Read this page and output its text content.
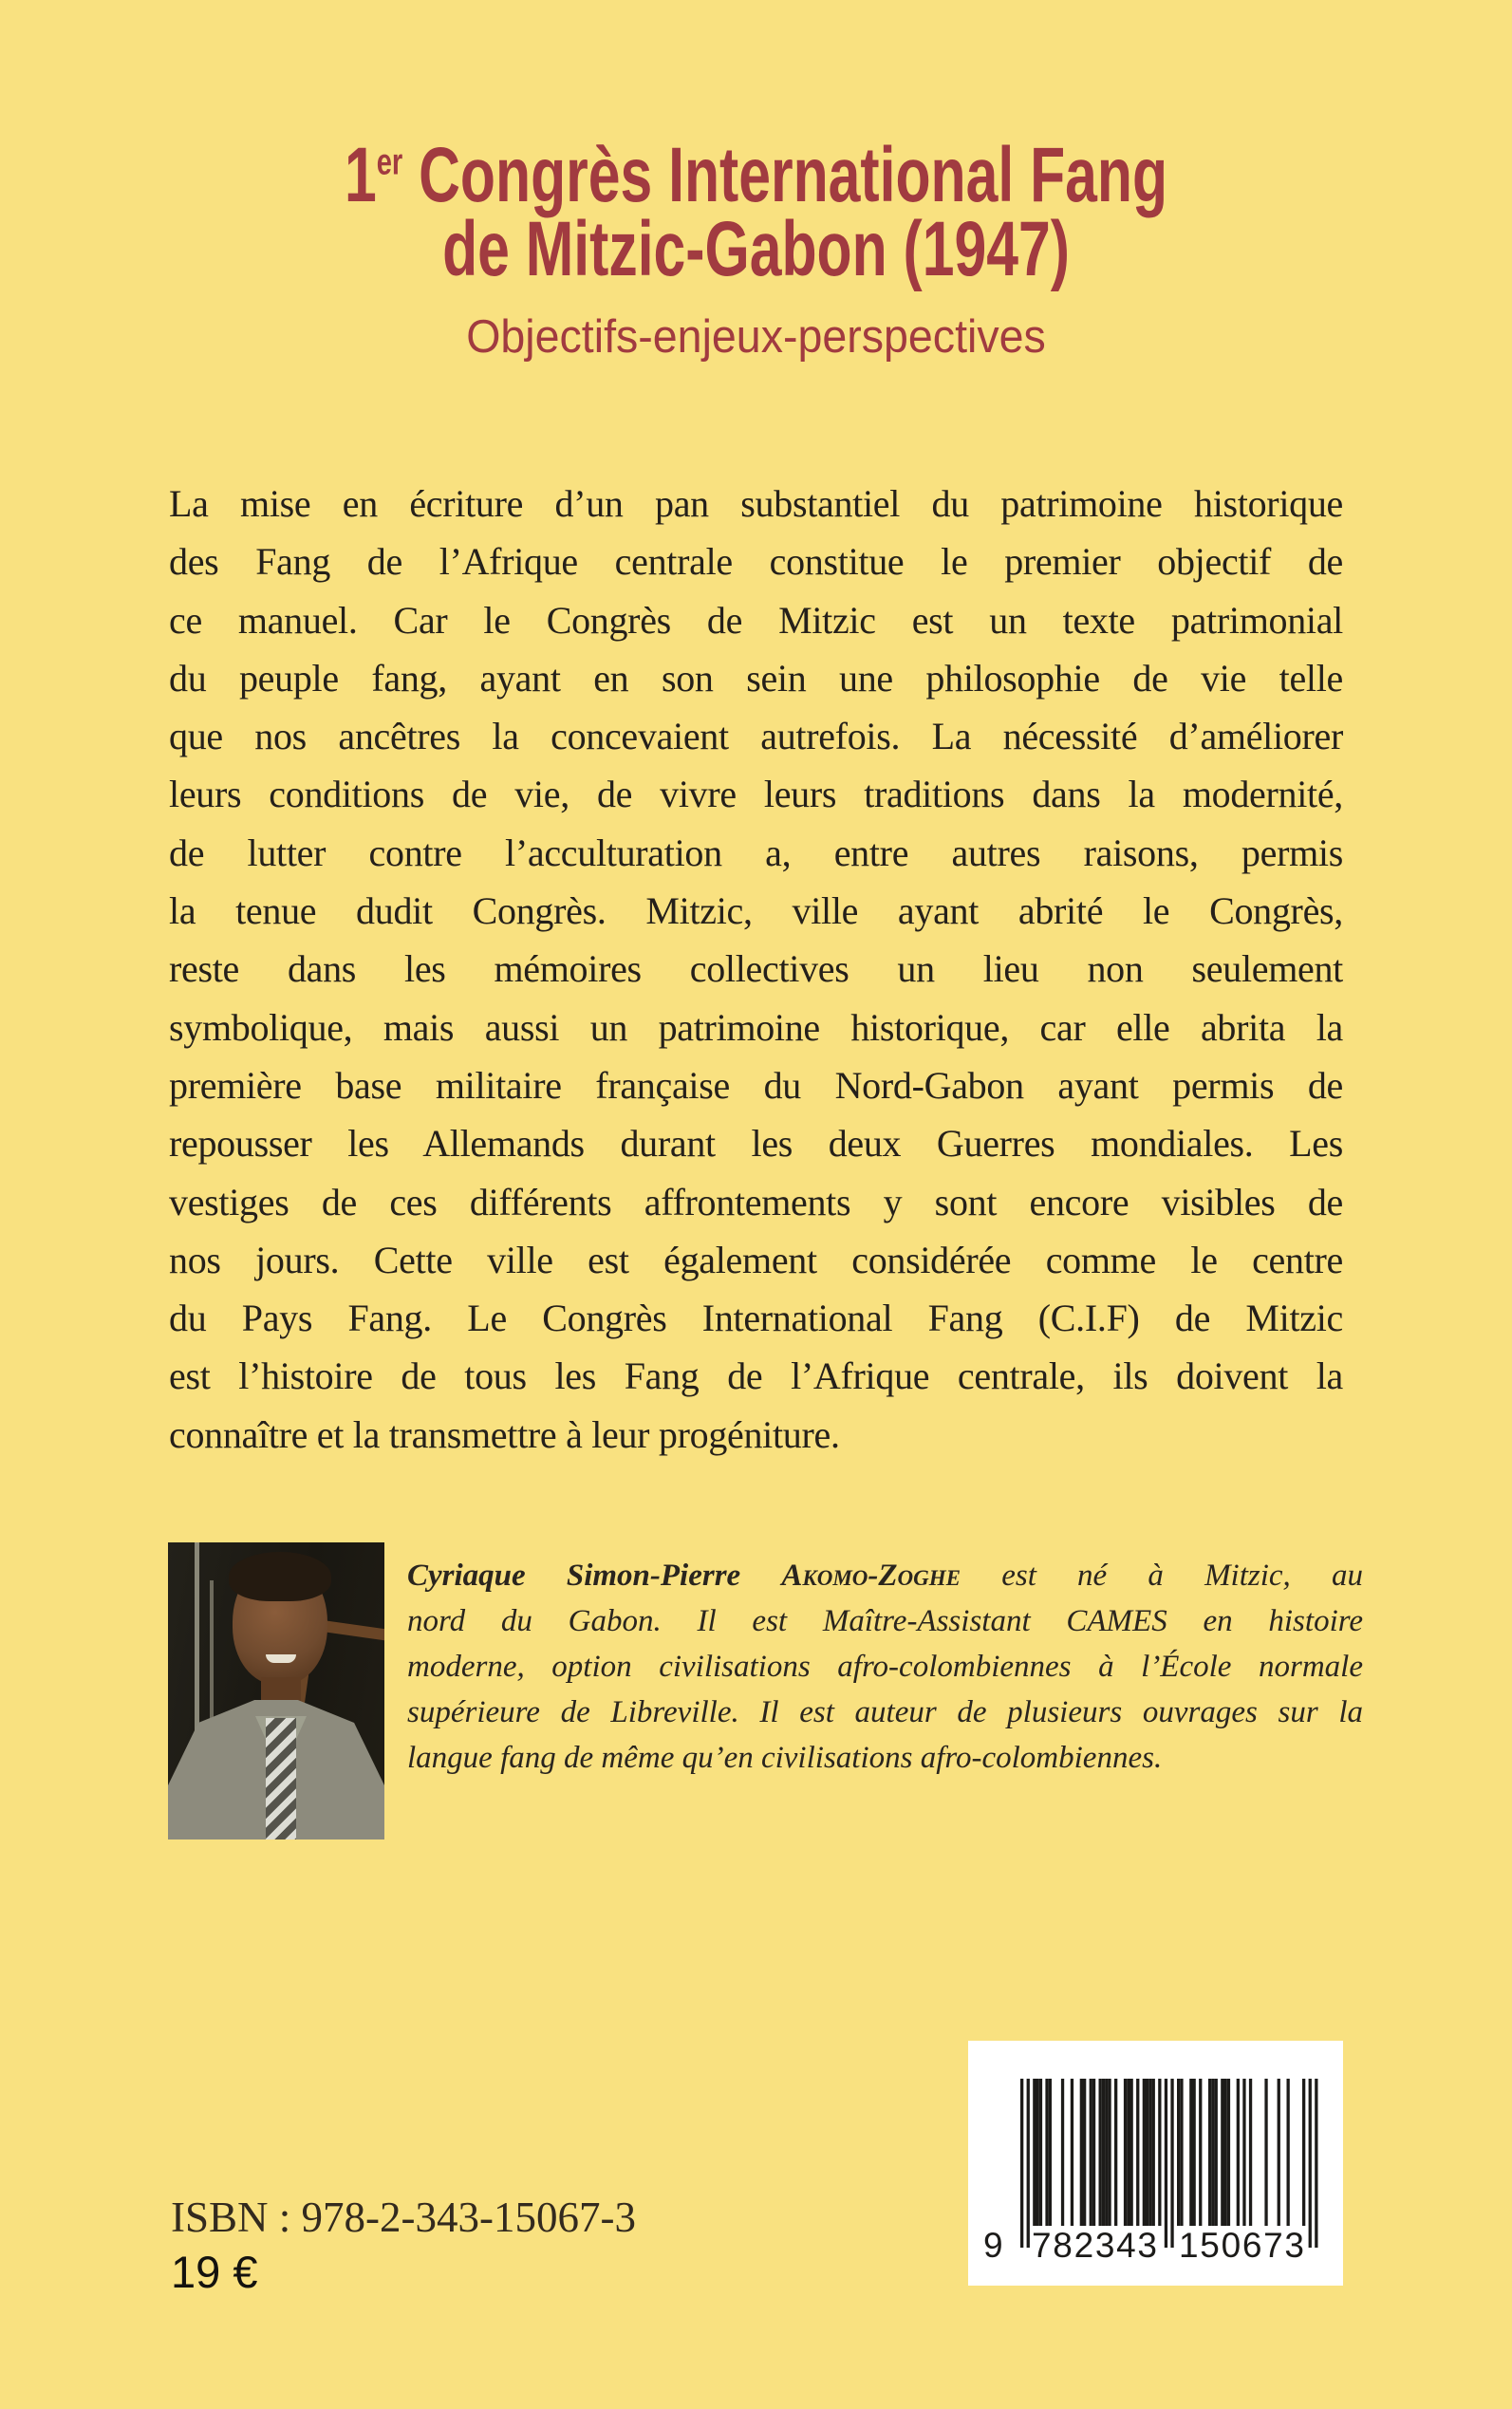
1er Congrès International Fang
de Mitzic-Gabon (1947)
Objectifs-enjeux-perspectives
La mise en écriture d’un pan substantiel du patrimoine historique
des Fang de l’Afrique centrale constitue le premier objectif de
ce manuel. Car le Congrès de Mitzic est un texte patrimonial
du peuple fang, ayant en son sein une philosophie de vie telle
que nos ancêtres la concevaient autrefois. La nécessité d’améliorer
leurs conditions de vie, de vivre leurs traditions dans la modernité,
de lutter contre l’acculturation a, entre autres raisons, permis
la tenue dudit Congrès. Mitzic, ville ayant abrité le Congrès,
reste dans les mémoires collectives un lieu non seulement
symbolique, mais aussi un patrimoine historique, car elle abrita la
première base militaire française du Nord-Gabon ayant permis de
repousser les Allemands durant les deux Guerres mondiales. Les
vestiges de ces différents affrontements y sont encore visibles de
nos jours. Cette ville est également considérée comme le centre
du Pays Fang. Le Congrès International Fang (C.I.F) de Mitzic
est l’histoire de tous les Fang de l’Afrique centrale, ils doivent la
connaître et la transmettre à leur progéniture.
Cyriaque Simon-Pierre Akomo-Zoghe est né à Mitzic, au
nord du Gabon. Il est Maître-Assistant CAMES en histoire
moderne, option civilisations afro-colombiennes à l’École normale
supérieure de Libreville. Il est auteur de plusieurs ouvrages sur la
langue fang de même qu’en civilisations afro-colombiennes.
ISBN : 978-2-343-15067-3
19 €
9 782343 150673
